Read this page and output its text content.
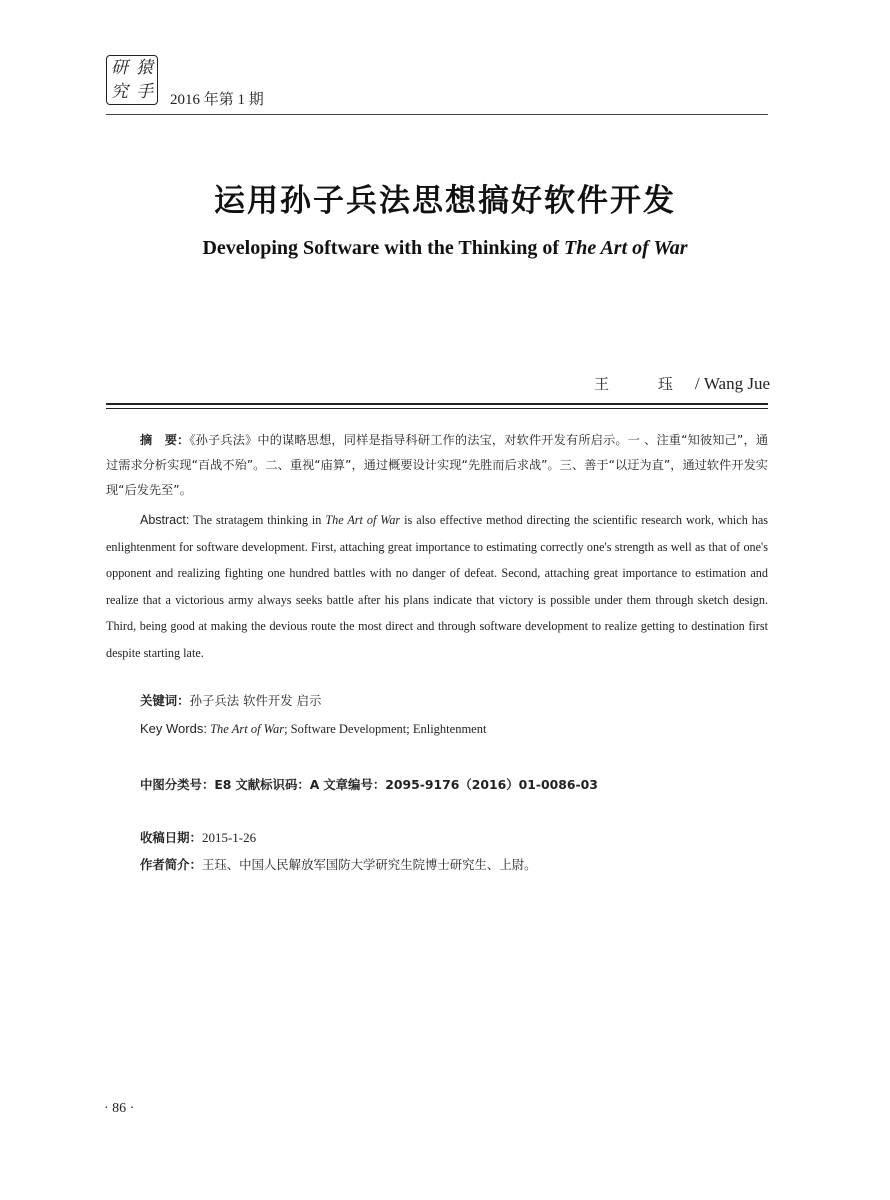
研 猿
究 手 2016 年第 1 期
运用孙子兵法思想搞好软件开发
Developing Software with the Thinking of The Art of War
王 珏/ Wang Jue
摘　要：《孙子兵法》中的谋略思想，同样是指导科研工作的法宝，对软件开发有所启示。一 、注重“知彼知己”，通过需求分析实现“百战不殆”。二、重视“庙算”，通过概要设计实现“先胜而后求战”。三、善于“以迂为直”，通过软件开发实现“后发先至”。
Abstract: The stratagem thinking in The Art of War is also effective method directing the scientific research work, which has enlightenment for software development. First, attaching great importance to estimating correctly one's strength as well as that of one's opponent and realizing fighting one hundred battles with no danger of defeat. Second, attaching great importance to estimation and realize that a victorious army always seeks battle after his plans indicate that victory is possible under them through sketch design. Third, being good at making the devious route the most direct and through software development to realize getting to destination first despite starting late.
关键词：孙子兵法 软件开发 启示
Key Words: The Art of War; Software Development; Enlightenment
中图分类号：E8 文献标识码：A 文章编号：2095-9176（2016）01-0086-03
收稿日期：2015-1-26
作者简介：王珏、中国人民解放军国防大学研究生院博士研究生、上尉。
· 86 ·
